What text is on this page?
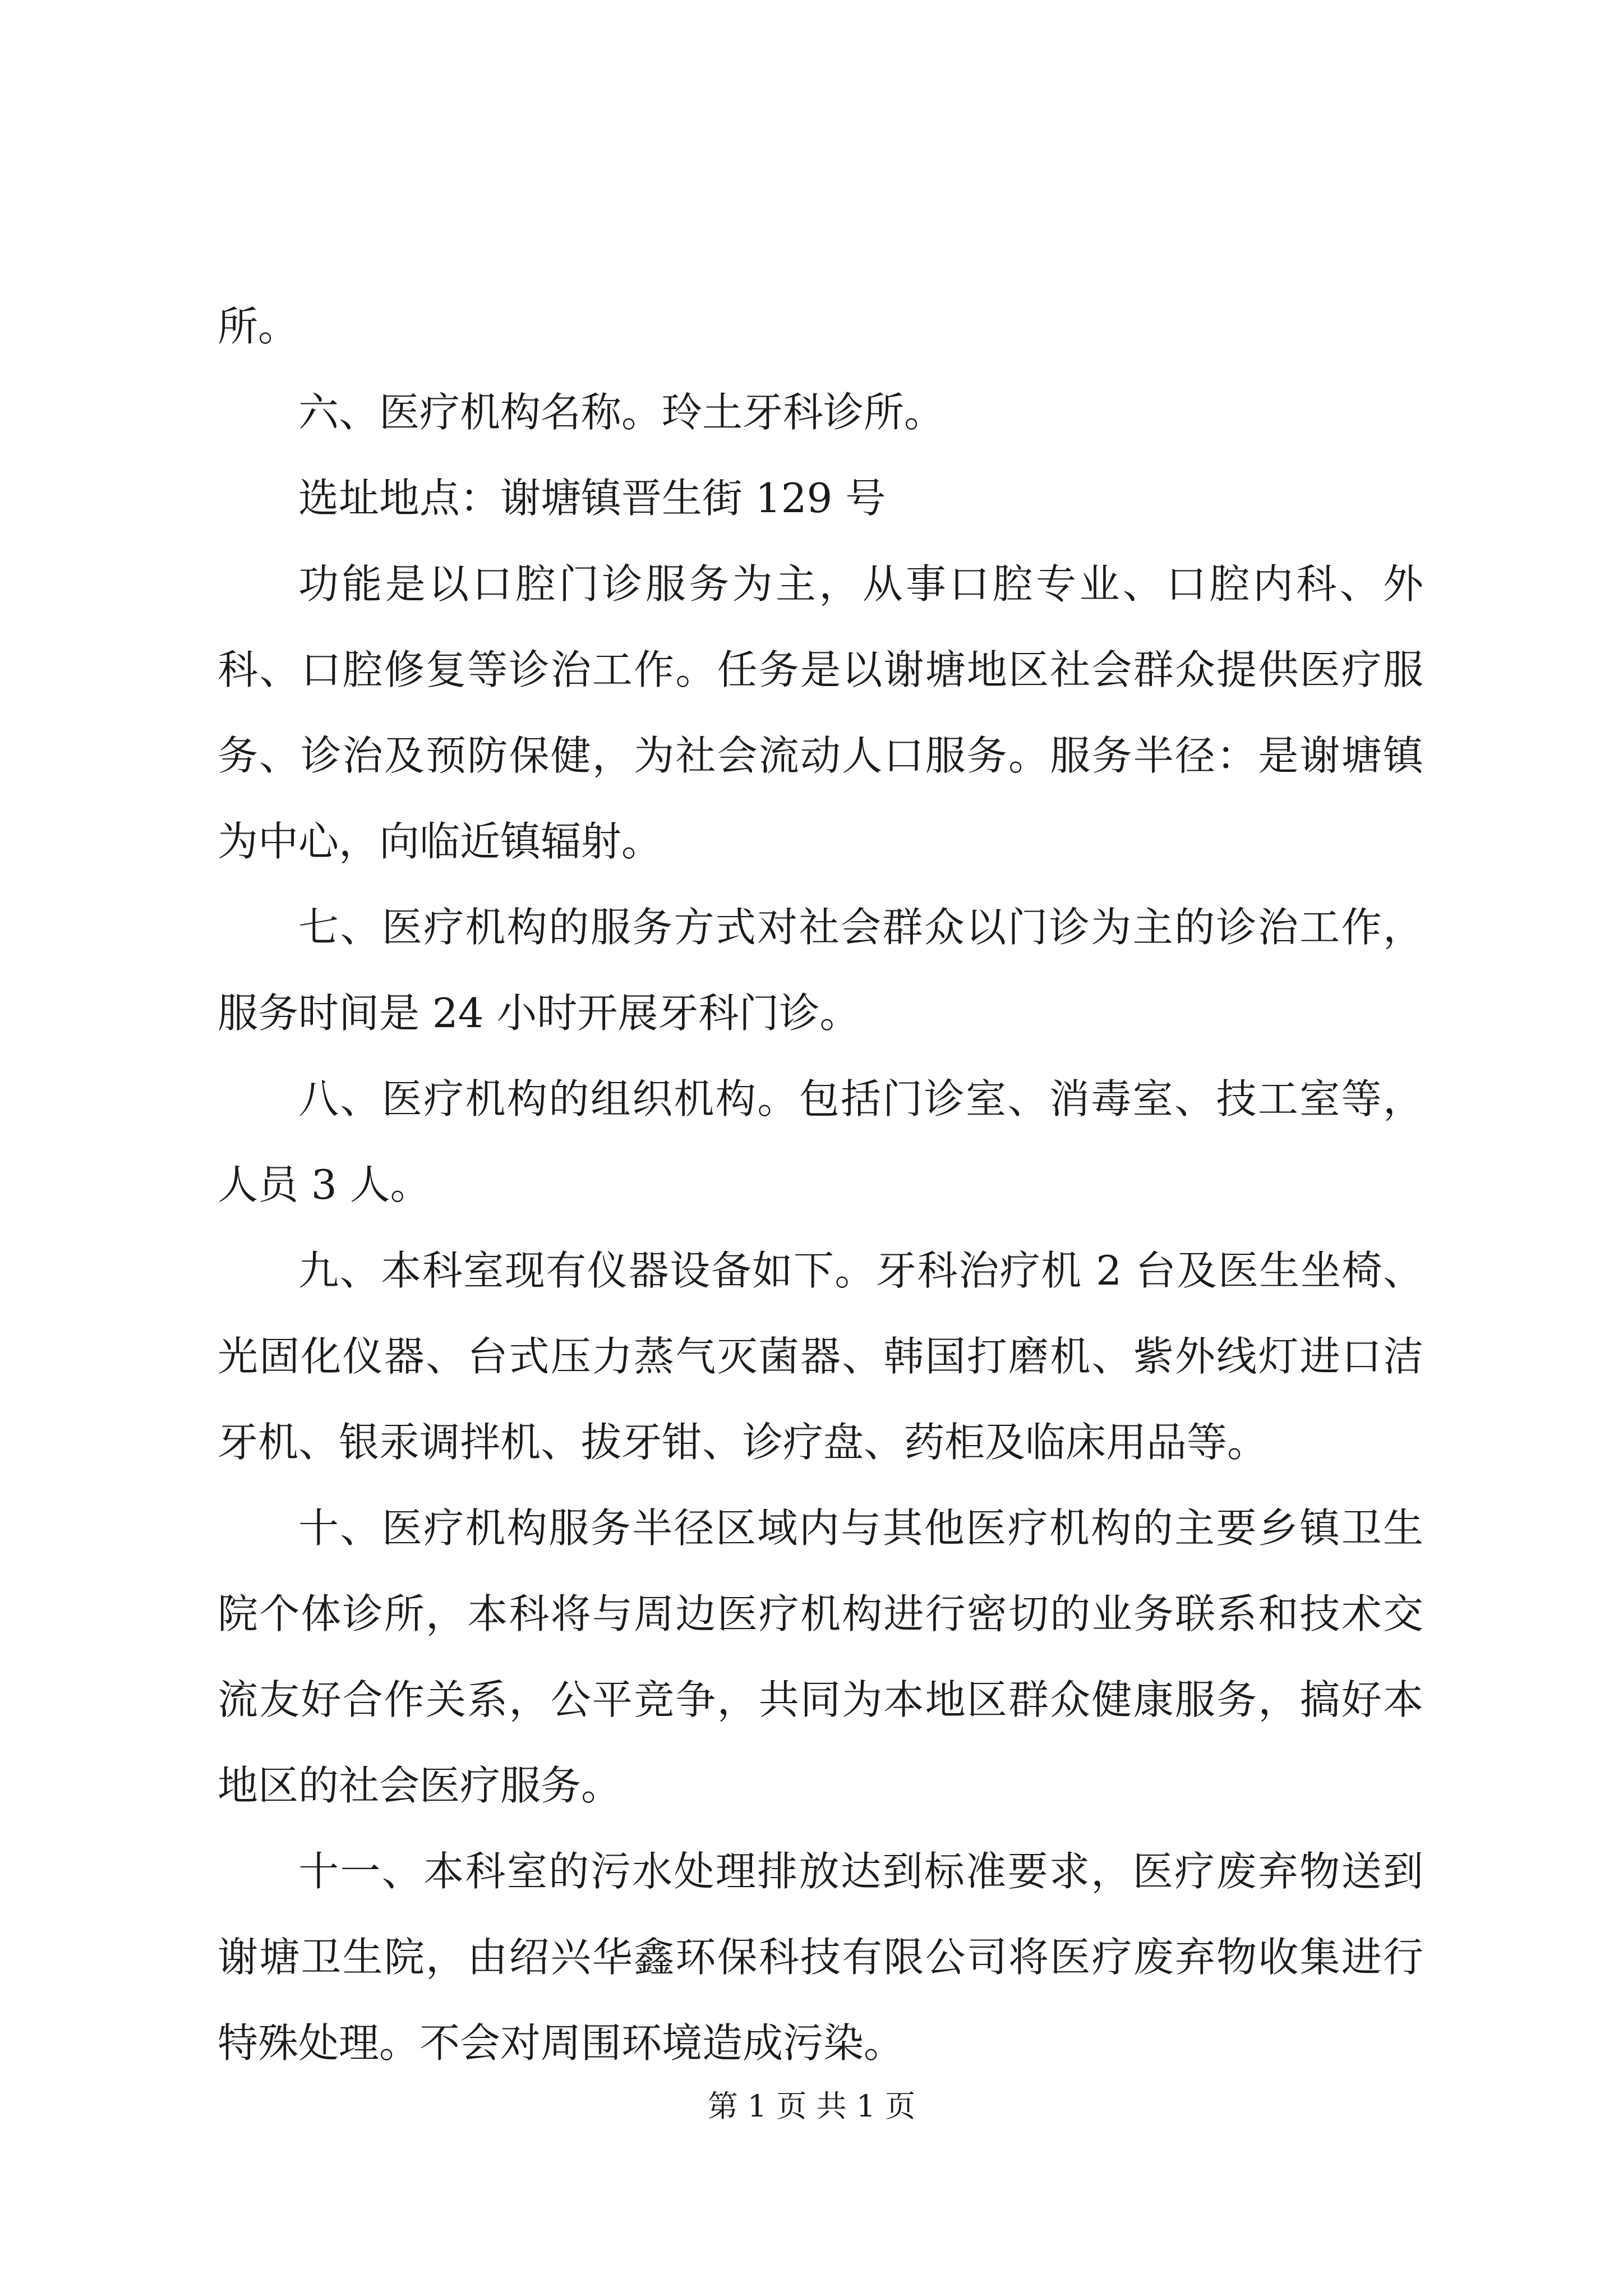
所。

六、医疗机构名称。玲土牙科诊所。

选址地点：谢塘镇晋生街 129 号

功能是以口腔门诊服务为主，从事口腔专业、口腔内科、外科、口腔修复等诊治工作。任务是以谢塘地区社会群众提供医疗服务、诊治及预防保健，为社会流动人口服务。服务半径：是谢塘镇为中心，向临近镇辐射。

七、医疗机构的服务方式对社会群众以门诊为主的诊治工作，服务时间是 24 小时开展牙科门诊。

八、医疗机构的组织机构。包括门诊室、消毒室、技工室等，人员 3 人。

九、本科室现有仪器设备如下。牙科治疗机 2 台及医生坐椅、光固化仪器、台式压力蒸气灭菌器、韩国打磨机、紫外线灯进口洁牙机、银汞调拌机、拔牙钳、诊疗盘、药柜及临床用品等。

十、医疗机构服务半径区域内与其他医疗机构的主要乡镇卫生院个体诊所，本科将与周边医疗机构进行密切的业务联系和技术交流友好合作关系，公平竞争，共同为本地区群众健康服务，搞好本地区的社会医疗服务。

十一、本科室的污水处理排放达到标准要求，医疗废弃物送到谢塘卫生院，由绍兴华鑫环保科技有限公司将医疗废弃物收集进行特殊处理。不会对周围环境造成污染。

第 1 页 共 1 页
